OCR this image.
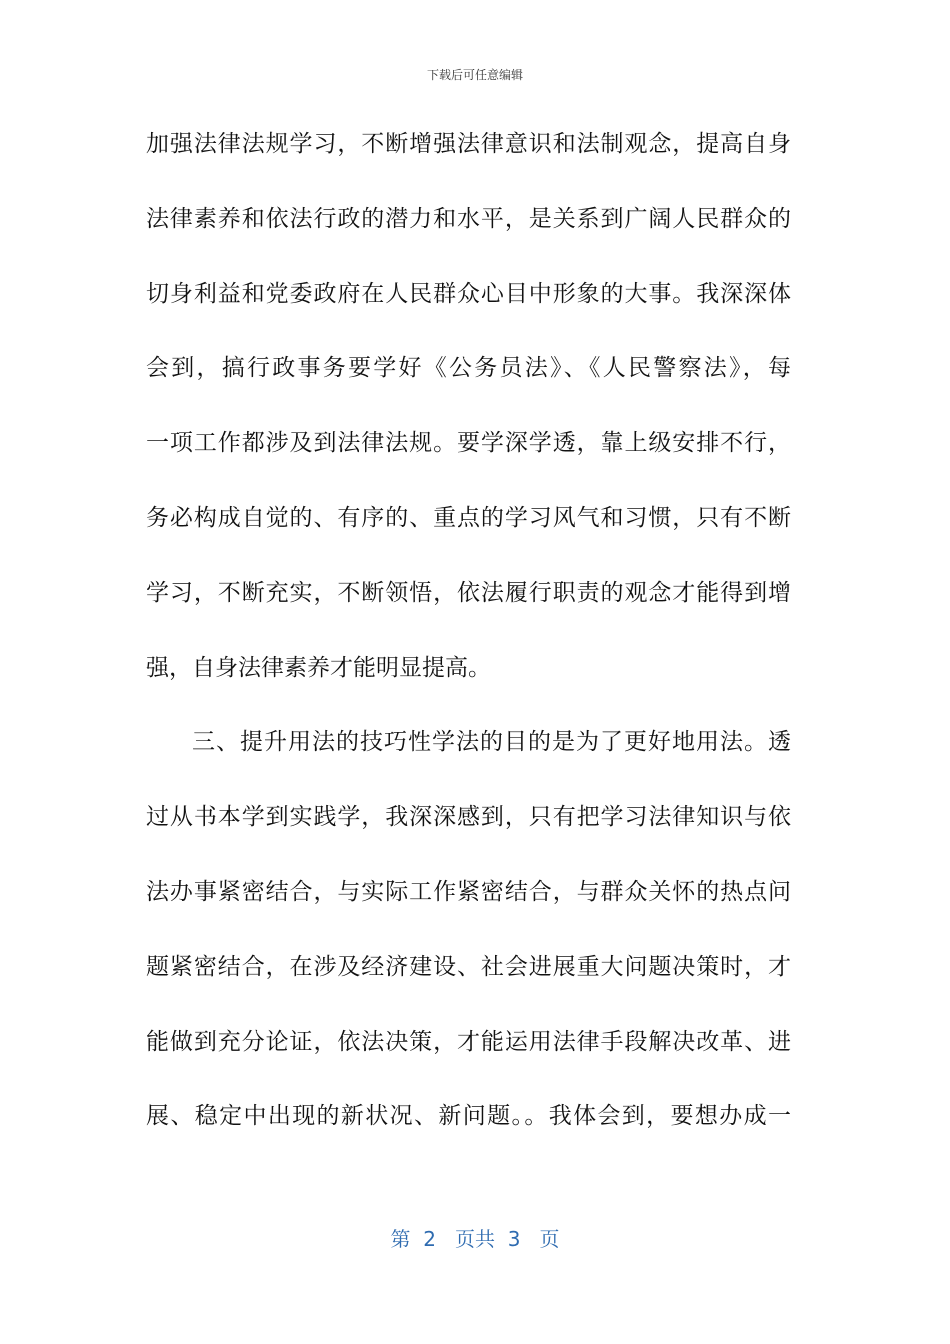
下载后可任意编辑
加强法律法规学习，不断增强法律意识和法制观念，提高自身
法律素养和依法行政的潜力和水平，是关系到广阔人民群众的
切身利益和党委政府在人民群众心目中形象的大事。我深深体
会到，搞行政事务要学好《公务员法》、《人民警察法》，每
一项工作都涉及到法律法规。要学深学透，靠上级安排不行，
务必构成自觉的、有序的、重点的学习风气和习惯，只有不断
学习，不断充实，不断领悟，依法履行职责的观念才能得到增
强，自身法律素养才能明显提高。
三、提升用法的技巧性学法的目的是为了更好地用法。透
过从书本学到实践学，我深深感到，只有把学习法律知识与依
法办事紧密结合，与实际工作紧密结合，与群众关怀的热点问
题紧密结合，在涉及经济建设、社会进展重大问题决策时，才
能做到充分论证，依法决策，才能运用法律手段解决改革、进
展、稳定中出现的新状况、新问题。。我体会到，要想办成一
第  2   页共  3   页
